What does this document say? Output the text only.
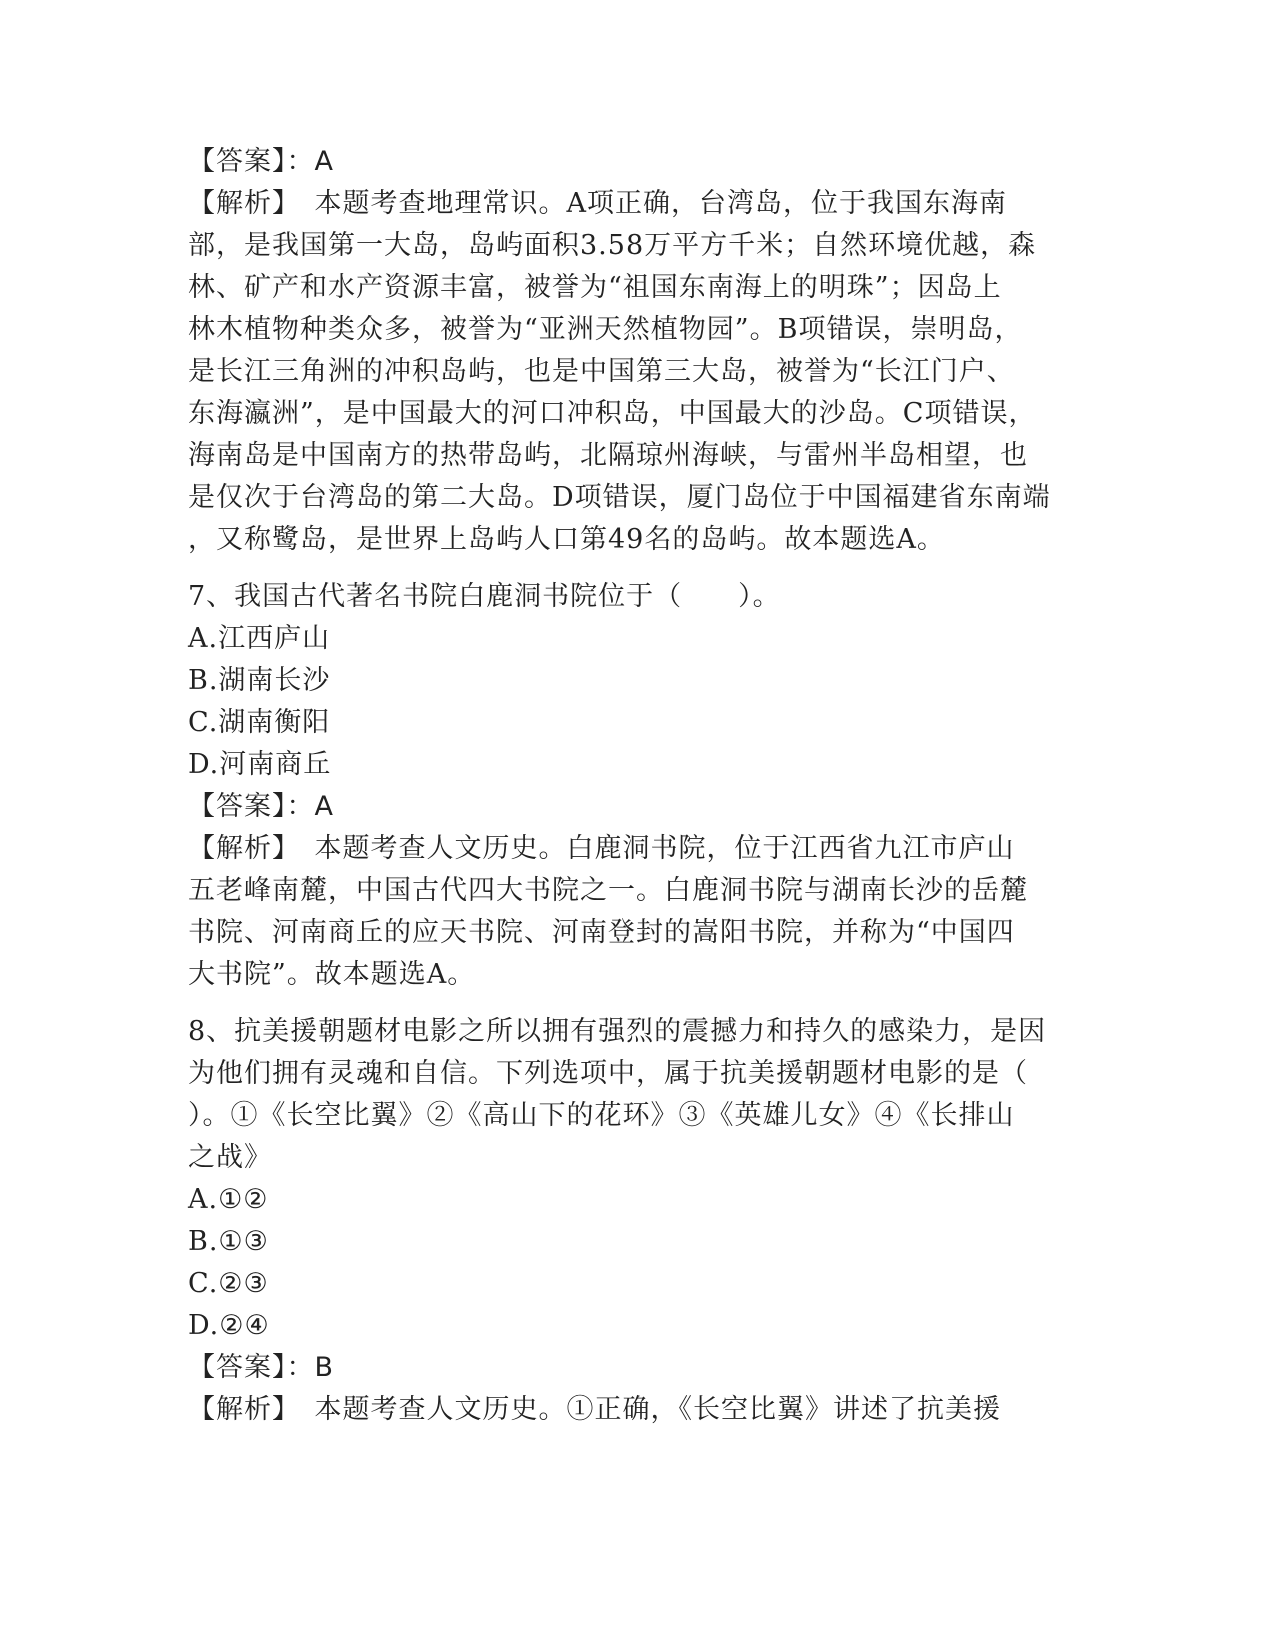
【答案】：A
【解析】　本题考查地理常识。A项正确，台湾岛，位于我国东海南
部，是我国第一大岛，岛屿面积3.58万平方千米；自然环境优越，森
林、矿产和水产资源丰富，被誉为“祖国东南海上的明珠”；因岛上
林木植物种类众多，被誉为“亚洲天然植物园”。B项错误，崇明岛，
是长江三角洲的冲积岛屿，也是中国第三大岛，被誉为“长江门户、
东海瀛洲”，是中国最大的河口冲积岛，中国最大的沙岛。C项错误，
海南岛是中国南方的热带岛屿，北隔琼州海峡，与雷州半岛相望，也
是仅次于台湾岛的第二大岛。D项错误，厦门岛位于中国福建省东南端
，又称鹭岛，是世界上岛屿人口第49名的岛屿。故本题选A。
7、我国古代著名书院白鹿洞书院位于（　　）。
A.江西庐山
B.湖南长沙
C.湖南衡阳
D.河南商丘
【答案】：A
【解析】　本题考查人文历史。白鹿洞书院，位于江西省九江市庐山
五老峰南麓，中国古代四大书院之一。白鹿洞书院与湖南长沙的岳麓
书院、河南商丘的应天书院、河南登封的嵩阳书院，并称为“中国四
大书院”。故本题选A。
8、抗美援朝题材电影之所以拥有强烈的震撼力和持久的感染力，是因
为他们拥有灵魂和自信。下列选项中，属于抗美援朝题材电影的是（
）。①《长空比翼》②《高山下的花环》③《英雄儿女》④《长排山
之战》
A.①②
B.①③
C.②③
D.②④
【答案】：B
【解析】　本题考查人文历史。①正确，《长空比翼》讲述了抗美援
